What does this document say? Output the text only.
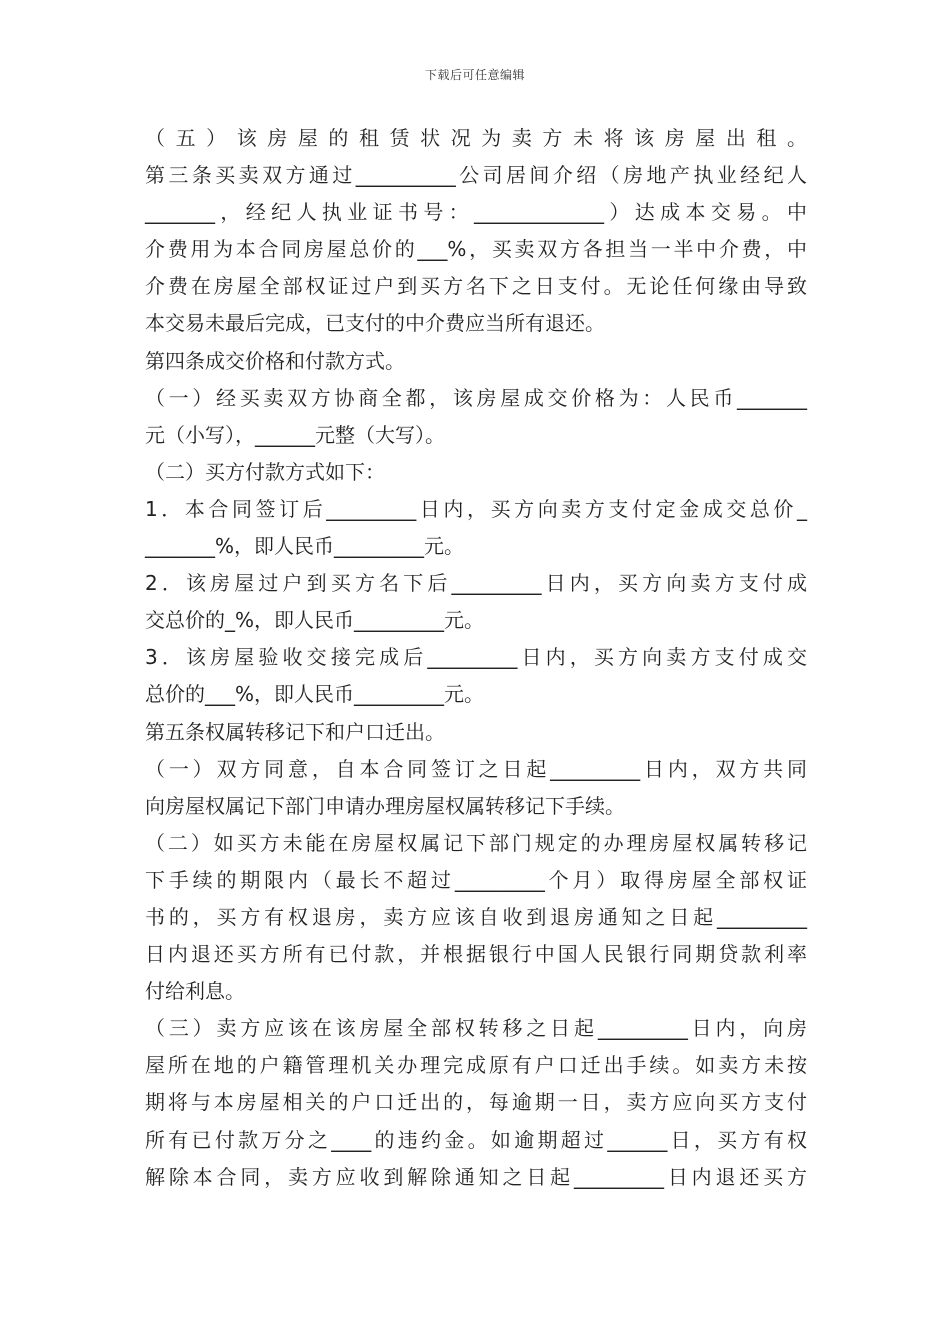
下载后可任意编辑
（五）该房屋的租赁状况为卖方未将该房屋出租。
第三条买卖双方通过__________公司居间介绍（房地产执业经纪人
_______，经纪人执业证书号：_____________）达成本交易。中
介费用为本合同房屋总价的___%，买卖双方各担当一半中介费，中
介费在房屋全部权证过户到买方名下之日支付。无论任何缘由导致
本交易未最后完成，已支付的中介费应当所有退还。
第四条成交价格和付款方式。
（一）经买卖双方协商全都，该房屋成交价格为：人民币_______
元（小写），______元整（大写）。
（二）买方付款方式如下：
1．本合同签订后_________日内，买方向卖方支付定金成交总价_
_______%，即人民币_________元。
2．该房屋过户到买方名下后_________日内，买方向卖方支付成
交总价的_%，即人民币_________元。
3．该房屋验收交接完成后_________日内，买方向卖方支付成交
总价的___%，即人民币_________元。
第五条权属转移记下和户口迁出。
（一）双方同意，自本合同签订之日起_________日内，双方共同
向房屋权属记下部门申请办理房屋权属转移记下手续。
（二）如买方未能在房屋权属记下部门规定的办理房屋权属转移记
下手续的期限内（最长不超过_________个月）取得房屋全部权证
书的，买方有权退房，卖方应该自收到退房通知之日起_________
日内退还买方所有已付款，并根据银行中国人民银行同期贷款利率
付给利息。
（三）卖方应该在该房屋全部权转移之日起_________日内，向房
屋所在地的户籍管理机关办理完成原有户口迁出手续。如卖方未按
期将与本房屋相关的户口迁出的，每逾期一日，卖方应向买方支付
所有已付款万分之____的违约金。如逾期超过______日，买方有权
解除本合同，卖方应收到解除通知之日起_________日内退还买方
